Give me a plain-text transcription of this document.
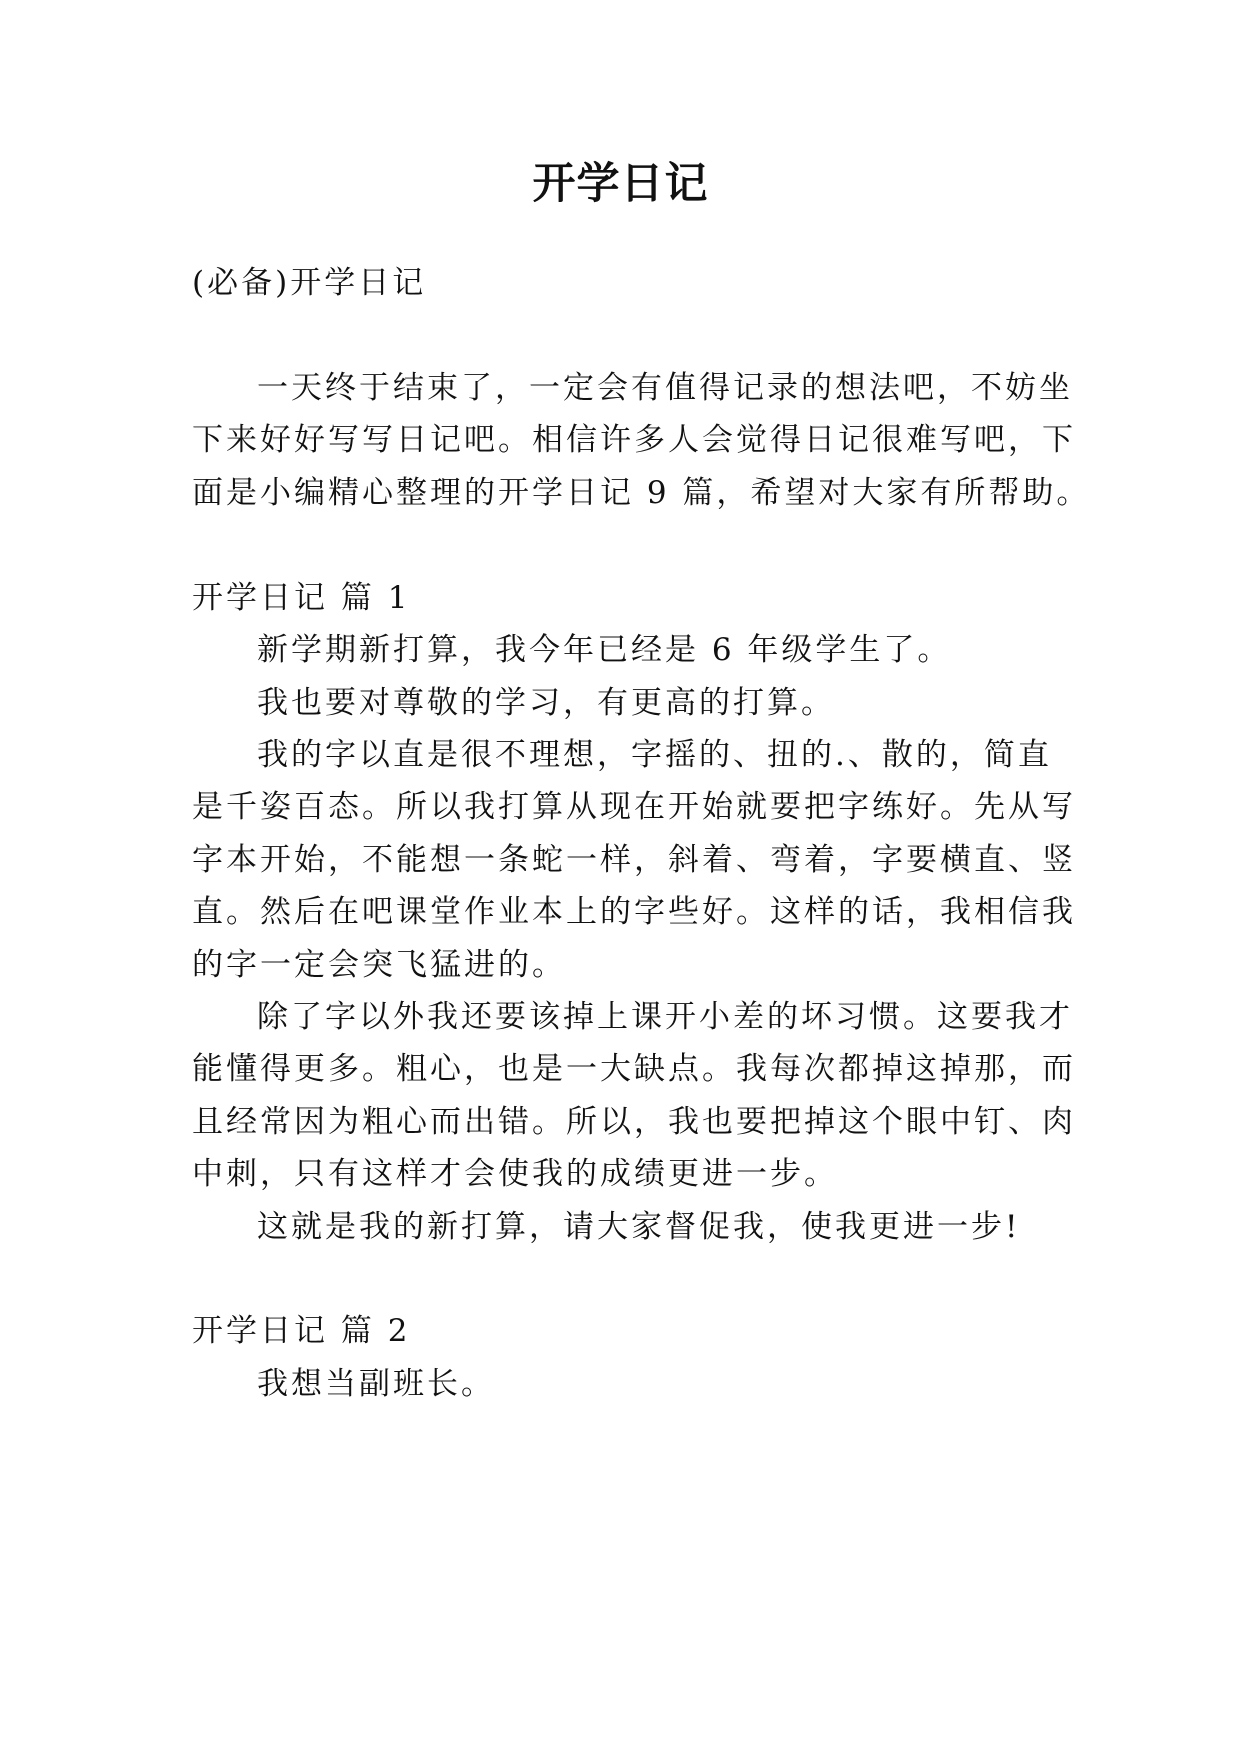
开学日记

(必备)开学日记

一天终于结束了，一定会有值得记录的想法吧，不妨坐

下来好好写写日记吧。相信许多人会觉得日记很难写吧，下

面是小编精心整理的开学日记 9 篇，希望对大家有所帮助。

开学日记 篇 1

新学期新打算，我今年已经是 6 年级学生了。

我也要对尊敬的学习，有更高的打算。

我的字以直是很不理想，字摇的、扭的.、散的，简直

是千姿百态。所以我打算从现在开始就要把字练好。先从写

字本开始，不能想一条蛇一样，斜着、弯着，字要横直、竖

直。然后在吧课堂作业本上的字些好。这样的话，我相信我

的字一定会突飞猛进的。

除了字以外我还要该掉上课开小差的坏习惯。这要我才

能懂得更多。粗心，也是一大缺点。我每次都掉这掉那，而

且经常因为粗心而出错。所以，我也要把掉这个眼中钉、肉

中刺，只有这样才会使我的成绩更进一步。

这就是我的新打算，请大家督促我，使我更进一步!

开学日记 篇 2

我想当副班长。
